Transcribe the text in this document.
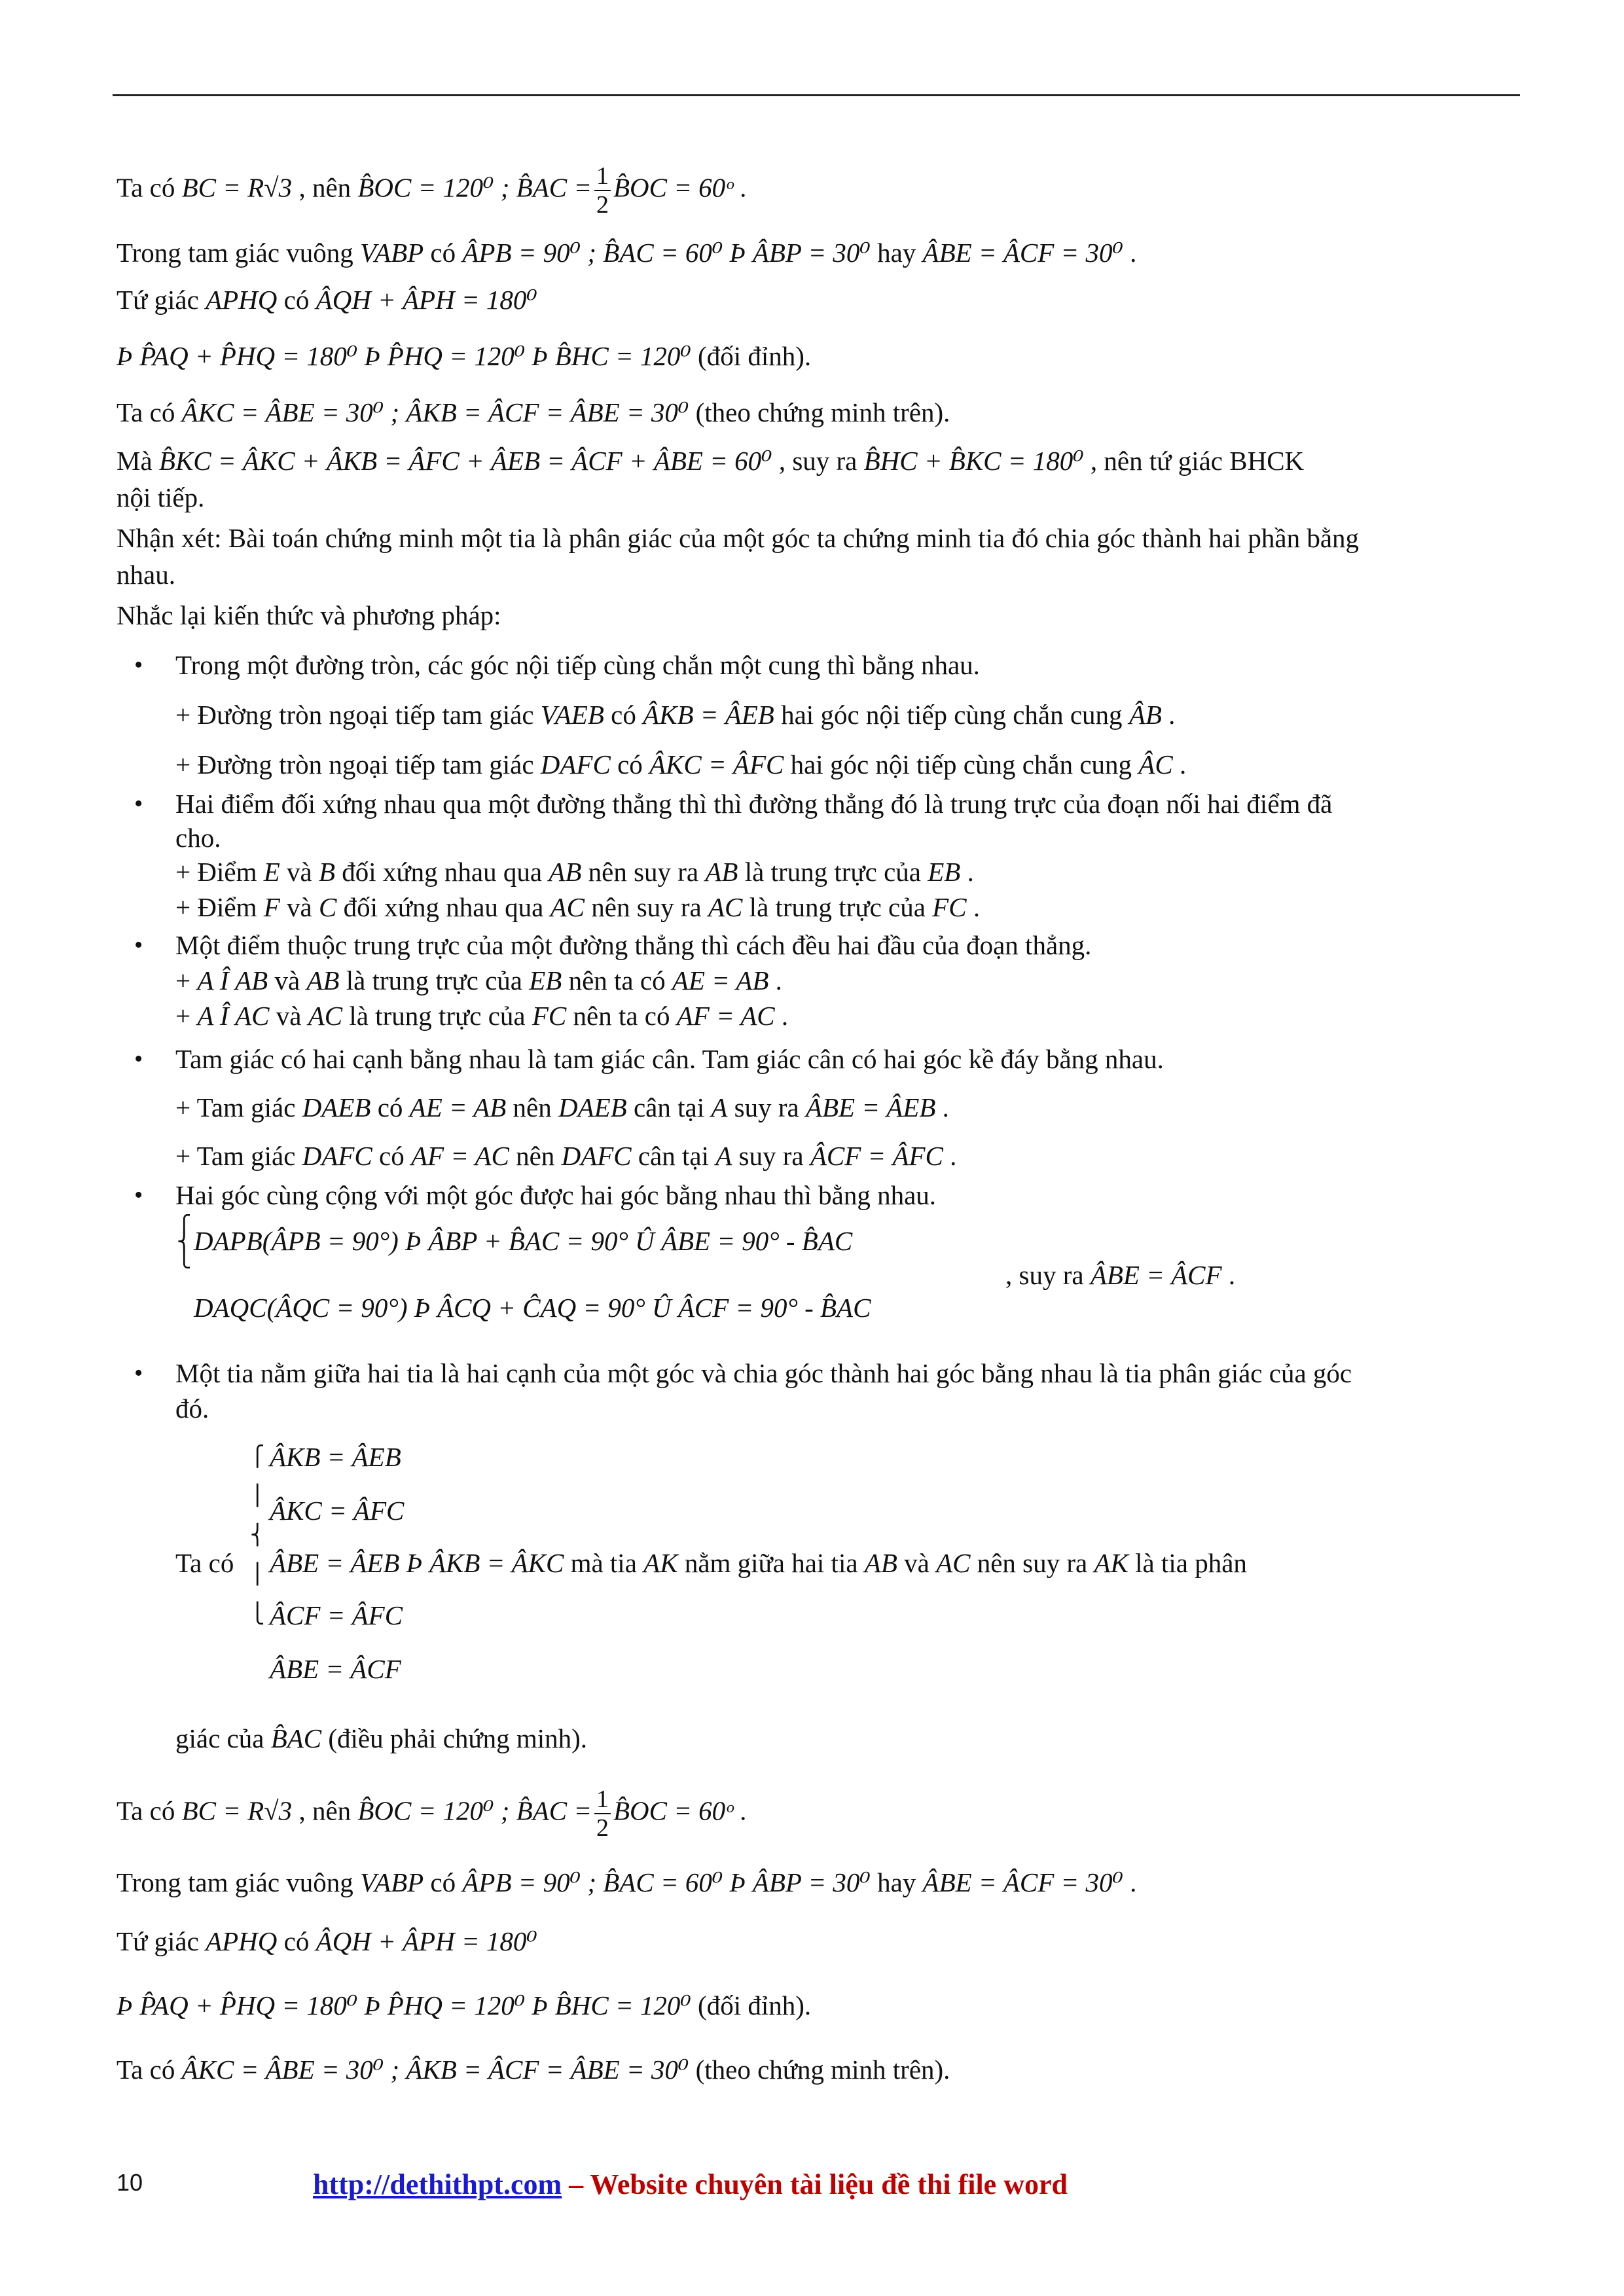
Ta có BC = R√3 , nên B̂OC = 120⁰ ; B̂AC = $\frac{1}{2}$ B̂OC = 60ᵒ .
Trong tam giác vuông VABP có ÂPB = 90⁰ ; B̂AC = 60⁰ Þ ÂBP = 30⁰ hay ÂBE = ÂCF = 30⁰ .
Tứ giác APHQ có ÂQH + ÂPH = 180⁰
Þ P̂AQ + P̂HQ = 180⁰ Þ P̂HQ = 120⁰ Þ B̂HC = 120⁰ (đối đỉnh).
Ta có ÂKC = ÂBE = 30⁰ ; ÂKB = ÂCF = ÂBE = 30⁰ (theo chứng minh trên).
Mà B̂KC = ÂKC + ÂKB = ÂFC + ÂEB = ÂCF + ÂBE = 60⁰ , suy ra B̂HC + B̂KC = 180⁰ , nên tứ giác BHCK
nội tiếp.
Nhận xét: Bài toán chứng minh một tia là phân giác của một góc ta chứng minh tia đó chia góc thành hai phần bằng
nhau.
Nhắc lại kiến thức và phương pháp:
• Trong một đường tròn, các góc nội tiếp cùng chắn một cung thì bằng nhau.
+ Đường tròn ngoại tiếp tam giác VAEB có ÂKB = ÂEB hai góc nội tiếp cùng chắn cung ÂB .
+ Đường tròn ngoại tiếp tam giác DAFC có ÂKC = ÂFC hai góc nội tiếp cùng chắn cung ÂC .
• Hai điểm đối xứng nhau qua một đường thẳng thì thì đường thẳng đó là trung trực của đoạn nối hai điểm đã
cho.
+ Điểm E và B đối xứng nhau qua AB nên suy ra AB là trung trực của EB .
+ Điểm F và C đối xứng nhau qua AC nên suy ra AC là trung trực của FC .
• Một điểm thuộc trung trực của một đường thẳng thì cách đều hai đầu của đoạn thẳng.
+ A Î AB và AB là trung trực của EB nên ta có AE = AB .
+ A Î AC và AC là trung trực của FC nên ta có AF = AC .
• Tam giác có hai cạnh bằng nhau là tam giác cân. Tam giác cân có hai góc kề đáy bằng nhau.
+ Tam giác DAEB có AE = AB nên DAEB cân tại A suy ra ÂBE = ÂEB .
+ Tam giác DAFC có AF = AC nên DAFC cân tại A suy ra ÂCF = ÂFC .
• Hai góc cùng cộng với một góc được hai góc bằng nhau thì bằng nhau.
⎧
⎨
⎩
DAPB(ÂPB = 90°) Þ ÂBP + B̂AC = 90° Û ÂBE = 90° - B̂AC
DAQC(ÂQC = 90°) Þ ÂCQ + ĈAQ = 90° Û ÂCF = 90° - B̂AC
, suy ra ÂBE = ÂCF .
• Một tia nằm giữa hai tia là hai cạnh của một góc và chia góc thành hai góc bằng nhau là tia phân giác của góc
đó.
⎧
⎪
⎨
⎪
⎩
ÂKB = ÂEB
ÂKC = ÂFC
Ta có ÂBE = ÂEB Þ ÂKB = ÂKC mà tia AK nằm giữa hai tia AB và AC nên suy ra AK là tia phân
ÂCF = ÂFC
ÂBE = ÂCF
giác của B̂AC (điều phải chứng minh).
Ta có BC = R√3 , nên B̂OC = 120⁰ ; B̂AC = $\frac{1}{2}$ B̂OC = 60ᵒ .
Trong tam giác vuông VABP có ÂPB = 90⁰ ; B̂AC = 60⁰ Þ ÂBP = 30⁰ hay ÂBE = ÂCF = 30⁰ .
Tứ giác APHQ có ÂQH + ÂPH = 180⁰
Þ P̂AQ + P̂HQ = 180⁰ Þ P̂HQ = 120⁰ Þ B̂HC = 120⁰ (đối đỉnh).
Ta có ÂKC = ÂBE = 30⁰ ; ÂKB = ÂCF = ÂBE = 30⁰ (theo chứng minh trên).
10	http://dethithpt.com – Website chuyên tài liệu đề thi file word
